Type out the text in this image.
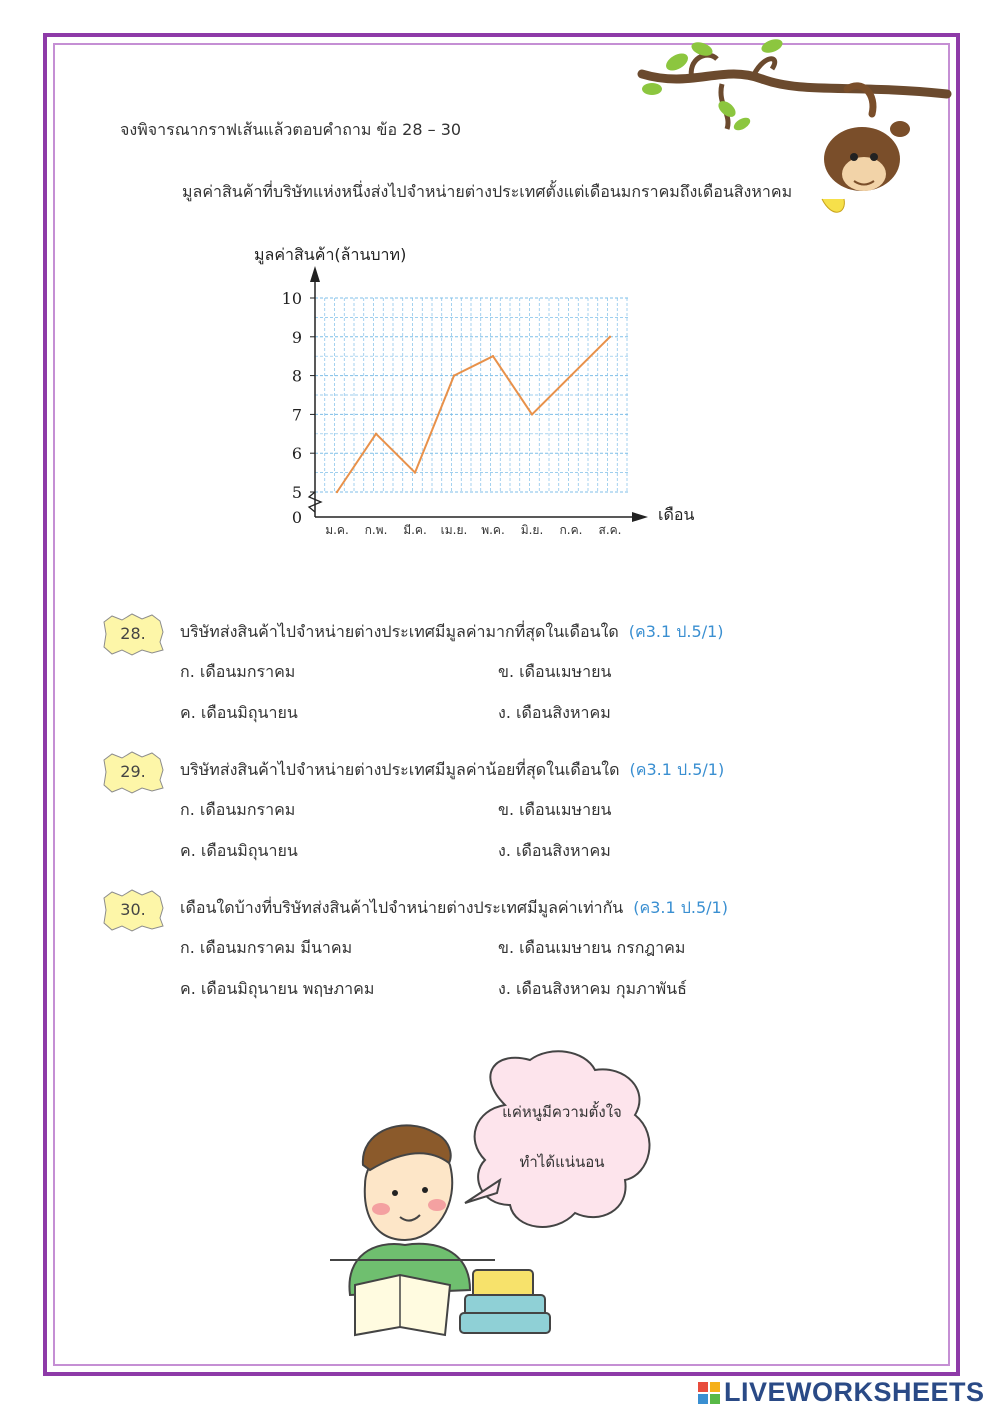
จงพิจารณากราฟเส้นแล้วตอบคำถาม ข้อ 28 – 30
มูลค่าสินค้าที่บริษัทแห่งหนึ่งส่งไปจำหน่ายต่างประเทศตั้งแต่เดือนมกราคมถึงเดือนสิงหาคม
0
5
6
7
8
9
10
ม.ค. ก.พ. มี.ค. เม.ย. พ.ค. มิ.ย. ก.ค. ส.ค.
มูลค่าสินค้า(ล้านบาท)
เดือน
28.	บริษัทส่งสินค้าไปจำหน่ายต่างประเทศมีมูลค่ามากที่สุดในเดือนใด (ค3.1 ป.5/1)
ก. เดือนมกราคม	ข. เดือนเมษายน
ค. เดือนมิถุนายน	ง. เดือนสิงหาคม
29.	บริษัทส่งสินค้าไปจำหน่ายต่างประเทศมีมูลค่าน้อยที่สุดในเดือนใด (ค3.1 ป.5/1)
ก. เดือนมกราคม	ข. เดือนเมษายน
ค. เดือนมิถุนายน	ง. เดือนสิงหาคม
30.	เดือนใดบ้างที่บริษัทส่งสินค้าไปจำหน่ายต่างประเทศมีมูลค่าเท่ากัน (ค3.1 ป.5/1)
ก. เดือนมกราคม มีนาคม	ข. เดือนเมษายน กรกฎาคม
ค. เดือนมิถุนายน พฤษภาคม	ง. เดือนสิงหาคม กุมภาพันธ์
แค่หนูมีความตั้งใจ
ทำได้แน่นอน
LIVEWORKSHEETS
